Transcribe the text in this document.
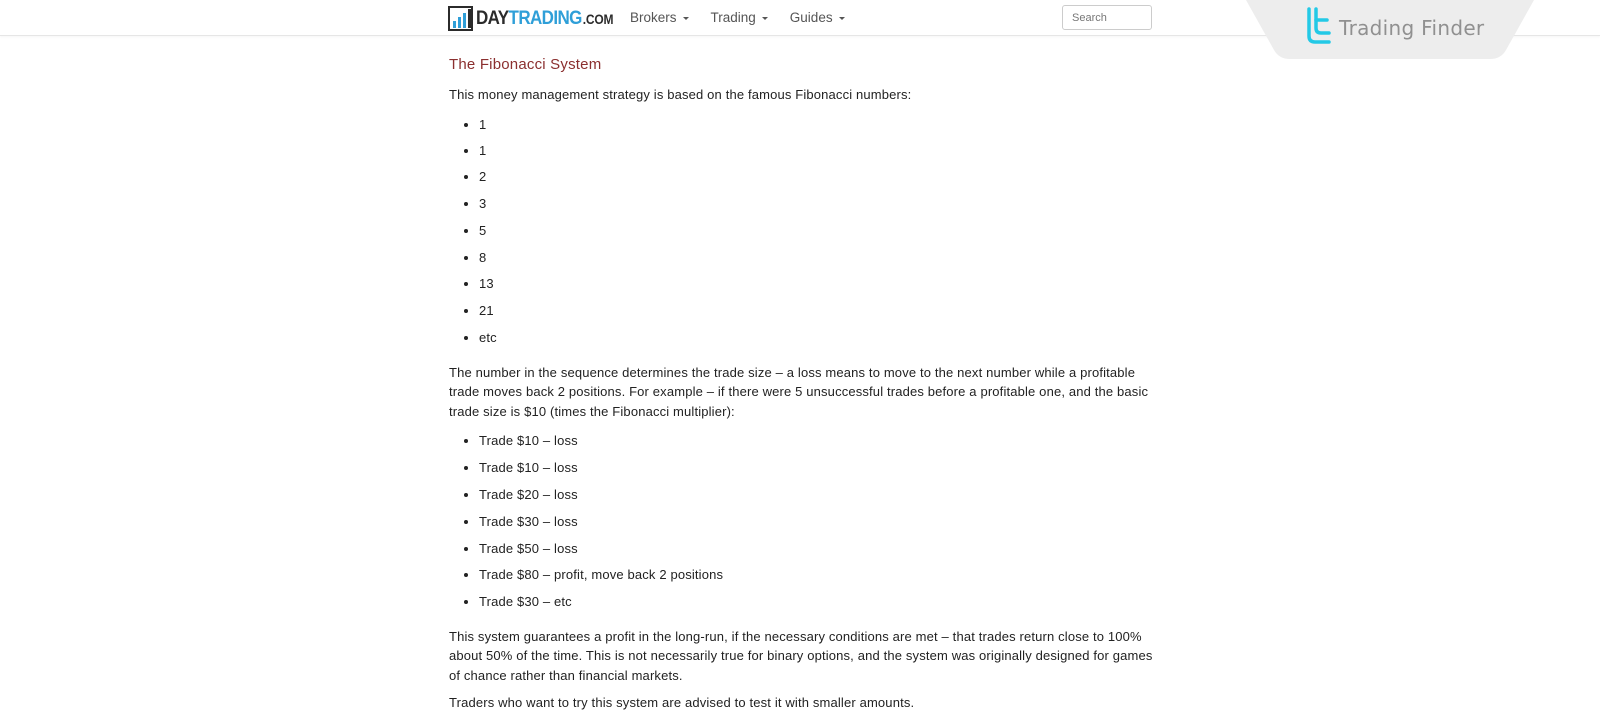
DAY TRADING .COM Brokers	Trading	Guides
Search	Trading Finder
The Fibonacci System

This money management strategy is based on the famous Fibonacci numbers:

• 1
• 1
• 2
• 3
• 5
• 8
• 13
• 21
• etc

The number in the sequence determines the trade size – a loss means to move to the next number while a profitable trade moves back 2 positions. For example – if there were 5 unsuccessful trades before a profitable one, and the basic trade size is $10 (times the Fibonacci multiplier):

• Trade $10 – loss
• Trade $10 – loss
• Trade $20 – loss
• Trade $30 – loss
• Trade $50 – loss
• Trade $80 – profit, move back 2 positions
• Trade $30 – etc

This system guarantees a profit in the long-run, if the necessary conditions are met – that trades return close to 100% about 50% of the time. This is not necessarily true for binary options, and the system was originally designed for games of chance rather than financial markets.

Traders who want to try this system are advised to test it with smaller amounts.
